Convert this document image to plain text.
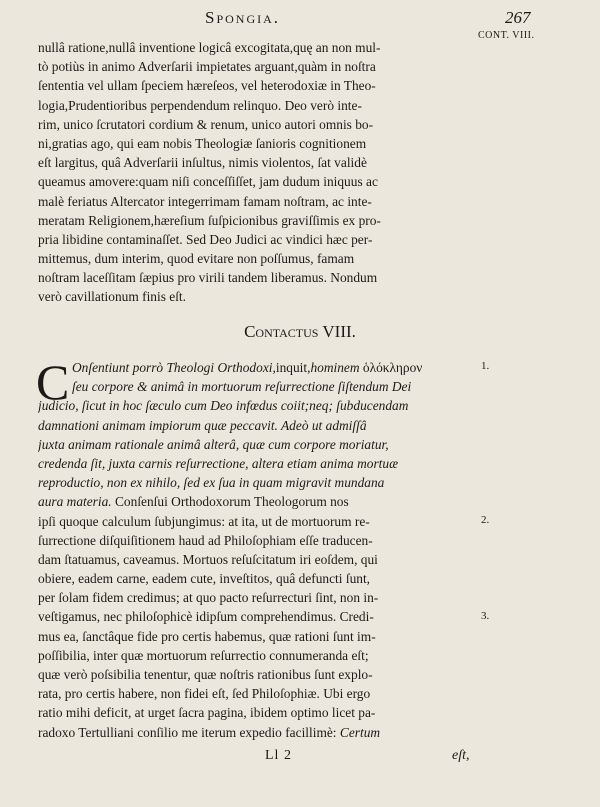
Spongia.	267
CONT. VIII.
nullâ ratione,nullâ inventione logicâ excogitata,quę an non mul-
tò potiùs in animo Adverſarii impietates arguant,quàm in noſtra
ſententia vel ullam ſpeciem hæreſeos, vel heterodoxiæ in Theo-
logia,Prudentioribus perpendendum relinquo. Deo verò inte-
rim, unico ſcrutatori cordium & renum, unico autori omnis bo-
ni,gratias ago, qui eam nobis Theologiæ ſanioris cognitionem
eſt largitus, quâ Adverſarii inſultus, nimis violentos, ſat validè
queamus amovere:quam niſi conceſſiſſet, jam dudum iniquus ac
malè feriatus Altercator integerrimam famam noſtram, ac inte-
meratam Religionem,hæreſium ſuſpicionibus graviſſimis ex pro-
pria libidine contaminaſſet. Sed Deo Judici ac vindici hæc per-
mittemus, dum interim, quod evitare non poſſumus, famam
noſtram laceſſitam ſæpius pro virili tandem liberamus. Nondum
verò cavillationum finis eſt.
Contactus VIII.
C Onſentiunt porrò Theologi Orthodoxi,inquit,hominem ὁλόκληρον
ſeu corpore & animâ in mortuorum reſurrectione ſiſtendum Dei
judicio, ſicut in hoc ſæculo cum Deo infœdus coiit;neq; ſubducendam
damnationi animam impiorum quæ peccavit. Adeò ut admiſſâ
juxta animam rationale animâ alterâ, quæ cum corpore moriatur,
credenda ſit, juxta carnis reſurrectione, altera etiam anima mortuæ
reproductio, non ex nihilo, ſed ex ſua in quam migravit mundana
aura materia. Conſenſui Orthodoxorum Theologorum nos
ipſi quoque calculum ſubjungimus: at ita, ut de mortuorum re-
ſurrectione diſquiſitionem haud ad Philoſophiam eſſe traducen-
dam ſtatuamus, caveamus. Mortuos reſuſcitatum iri eoſdem, qui
obiere, eadem carne, eadem cute, inveſtitos, quâ defuncti ſunt,
per ſolam fidem credimus; at quo pacto reſurrecturi ſint, non in-
veſtigamus, nec philoſophicè idipſum comprehendimus. Credi-
mus ea, ſanctâque fide pro certis habemus, quæ rationi ſunt im-
poſſibilia, inter quæ mortuorum reſurrectio connumeranda eſt;
quæ verò poſsibilia tenentur, quæ noſtris rationibus ſunt explo-
rata, pro certis habere, non fidei eſt, ſed Philoſophiæ. Ubi ergo
ratio mihi deficit, at urget ſacra pagina, ibidem optimo licet pa-
radoxo Tertulliani conſilio me iterum expedio facillimè: Certum
1.
2.
3.
Ll 2	eſt,
